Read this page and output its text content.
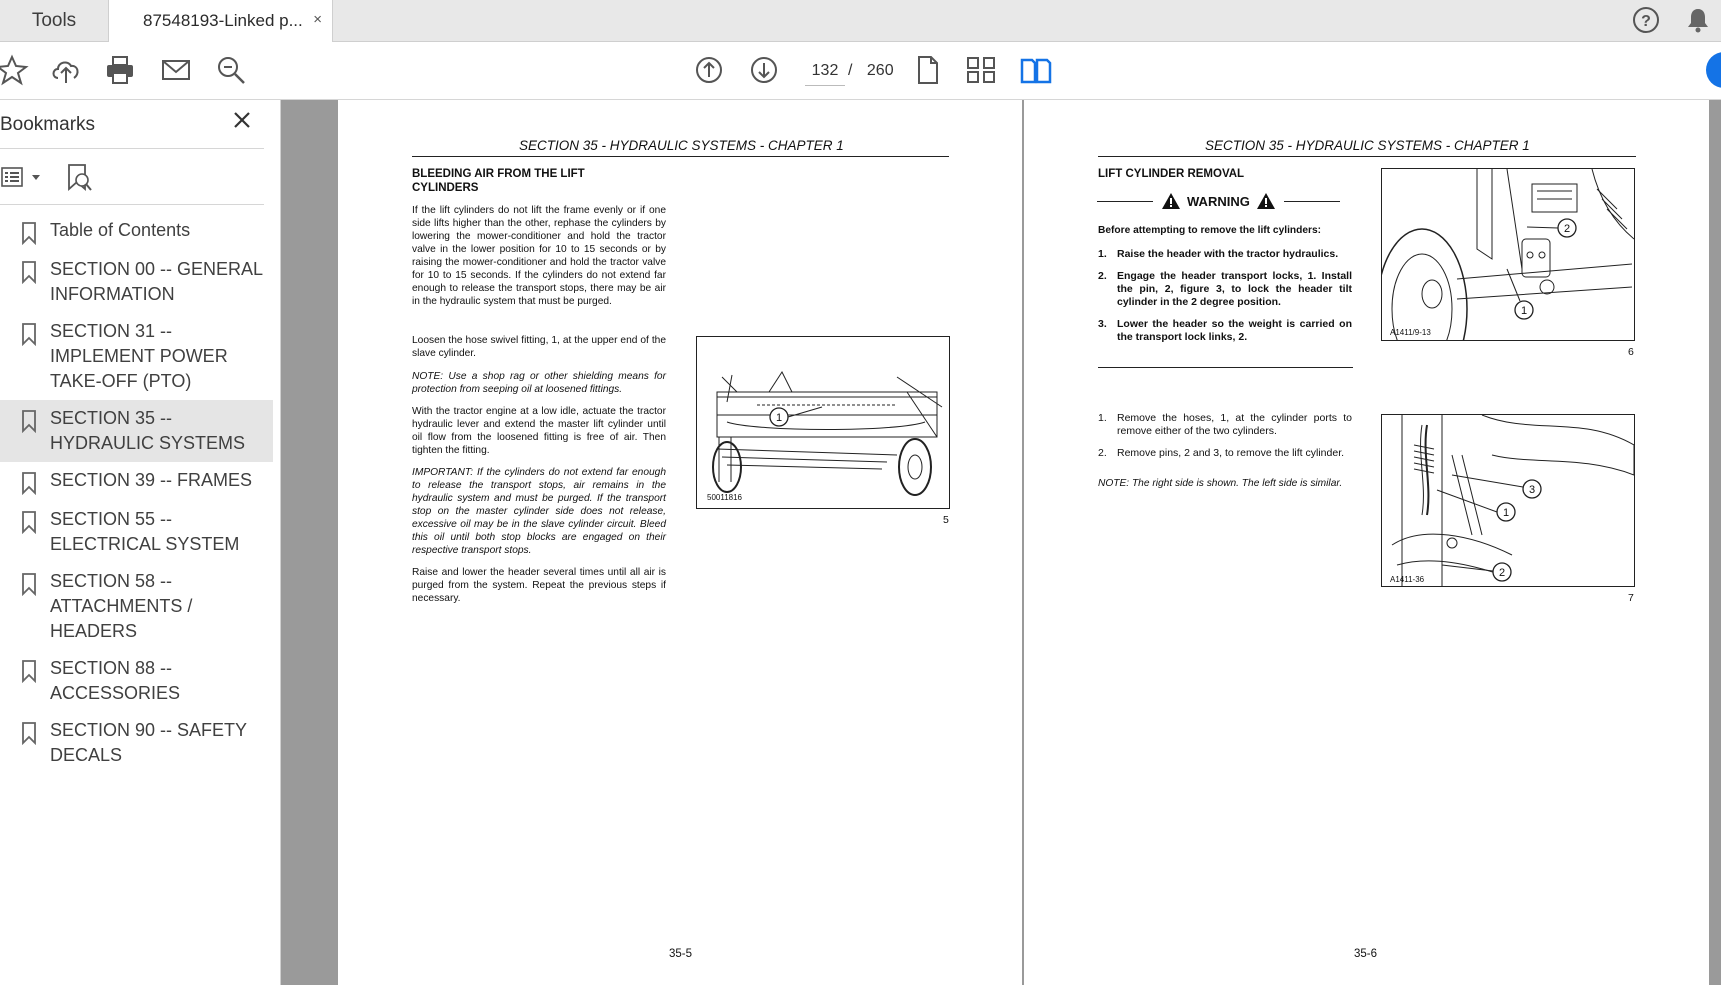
Tools	87548193-Linked p... ×	?
132 / 260
Bookmarks
Table of Contents
SECTION 00 -- GENERAL INFORMATION
SECTION 31 -- IMPLEMENT POWER TAKE-OFF (PTO)
SECTION 35 -- HYDRAULIC SYSTEMS
SECTION 39 -- FRAMES
SECTION 55 -- ELECTRICAL SYSTEM
SECTION 58 -- ATTACHMENTS / HEADERS
SECTION 88 -- ACCESSORIES
SECTION 90 -- SAFETY DECALS
SECTION 35 - HYDRAULIC SYSTEMS - CHAPTER 1
BLEEDING AIR FROM THE LIFT CYLINDERS
If the lift cylinders do not lift the frame evenly or if one side lifts higher than the other, rephase the cylinders by lowering the mower-conditioner and hold the tractor valve in the lower position for 10 to 15 seconds or by raising the mower-conditioner and hold the tractor valve for 10 to 15 seconds. If the cylinders do not extend far enough to release the transport stops, there may be air in the hydraulic system that must be purged.
Loosen the hose swivel fitting, 1, at the upper end of the slave cylinder.
NOTE: Use a shop rag or other shielding means for protection from seeping oil at loosened fittings.
With the tractor engine at a low idle, actuate the tractor hydraulic lever and extend the master lift cylinder until oil flow from the loosened fitting is free of air. Then tighten the fitting.
IMPORTANT: If the cylinders do not extend far enough to release the transport stops, air remains in the hydraulic system and must be purged. If the transport stop on the master cylinder side does not release, excessive oil may be in the slave cylinder circuit. Bleed this oil until both stop blocks are engaged on their respective transport stops.
Raise and lower the header several times until all air is purged from the system. Repeat the previous steps if necessary.
1
50011816
5
35-5
SECTION 35 - HYDRAULIC SYSTEMS - CHAPTER 1
LIFT CYLINDER REMOVAL
WARNING
Before attempting to remove the lift cylinders:
1. Raise the header with the tractor hydraulics.
2. Engage the header transport locks, 1. Install the pin, 2, figure 3, to lock the header tilt cylinder in the 2 degree position.
3. Lower the header so the weight is carried on the transport lock links, 2.
1. Remove the hoses, 1, at the cylinder ports to remove either of the two cylinders.
2. Remove pins, 2 and 3, to remove the lift cylinder.
NOTE: The right side is shown. The left side is similar.
2
1
A1411/9-13
6
3
1
2
A1411-36
7
35-6
